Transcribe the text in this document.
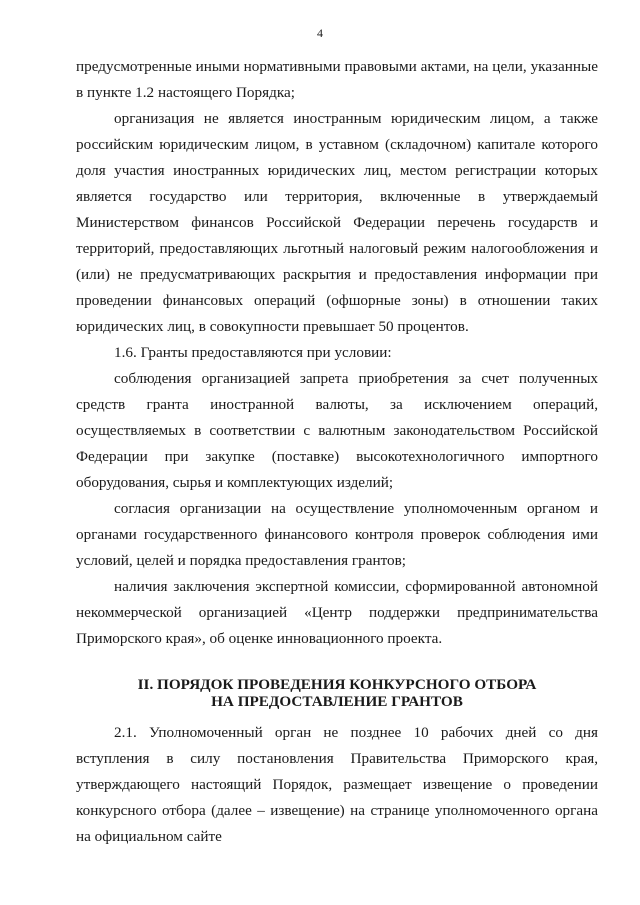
4

предусмотренные иными нормативными правовыми актами, на цели, указанные в пункте 1.2 настоящего Порядка;

организация не является иностранным юридическим лицом, а также российским юридическим лицом, в уставном (складочном) капитале которого доля участия иностранных юридических лиц, местом регистрации которых является государство или территория, включенные в утверждаемый Министерством финансов Российской Федерации перечень государств и территорий, предоставляющих льготный налоговый режим налогообложения и (или) не предусматривающих раскрытия и предоставления информации при проведении финансовых операций (офшорные зоны) в отношении таких юридических лиц, в совокупности превышает 50 процентов.

1.6. Гранты предоставляются при условии:

соблюдения организацией запрета приобретения за счет полученных средств гранта иностранной валюты, за исключением операций, осуществляемых в соответствии с валютным законодательством Российской Федерации при закупке (поставке) высокотехнологичного импортного оборудования, сырья и комплектующих изделий;

согласия организации на осуществление уполномоченным органом и органами государственного финансового контроля проверок соблюдения ими условий, целей и порядка предоставления грантов;

наличия заключения экспертной комиссии, сформированной автономной некоммерческой организацией «Центр поддержки предпринимательства Приморского края», об оценке инновационного проекта.

II. ПОРЯДОК ПРОВЕДЕНИЯ КОНКУРСНОГО ОТБОРА
НА ПРЕДОСТАВЛЕНИЕ ГРАНТОВ

2.1. Уполномоченный орган не позднее 10 рабочих дней со дня вступления в силу постановления Правительства Приморского края, утверждающего настоящий Порядок, размещает извещение о проведении конкурсного отбора (далее – извещение) на странице уполномоченного органа на официальном сайте
